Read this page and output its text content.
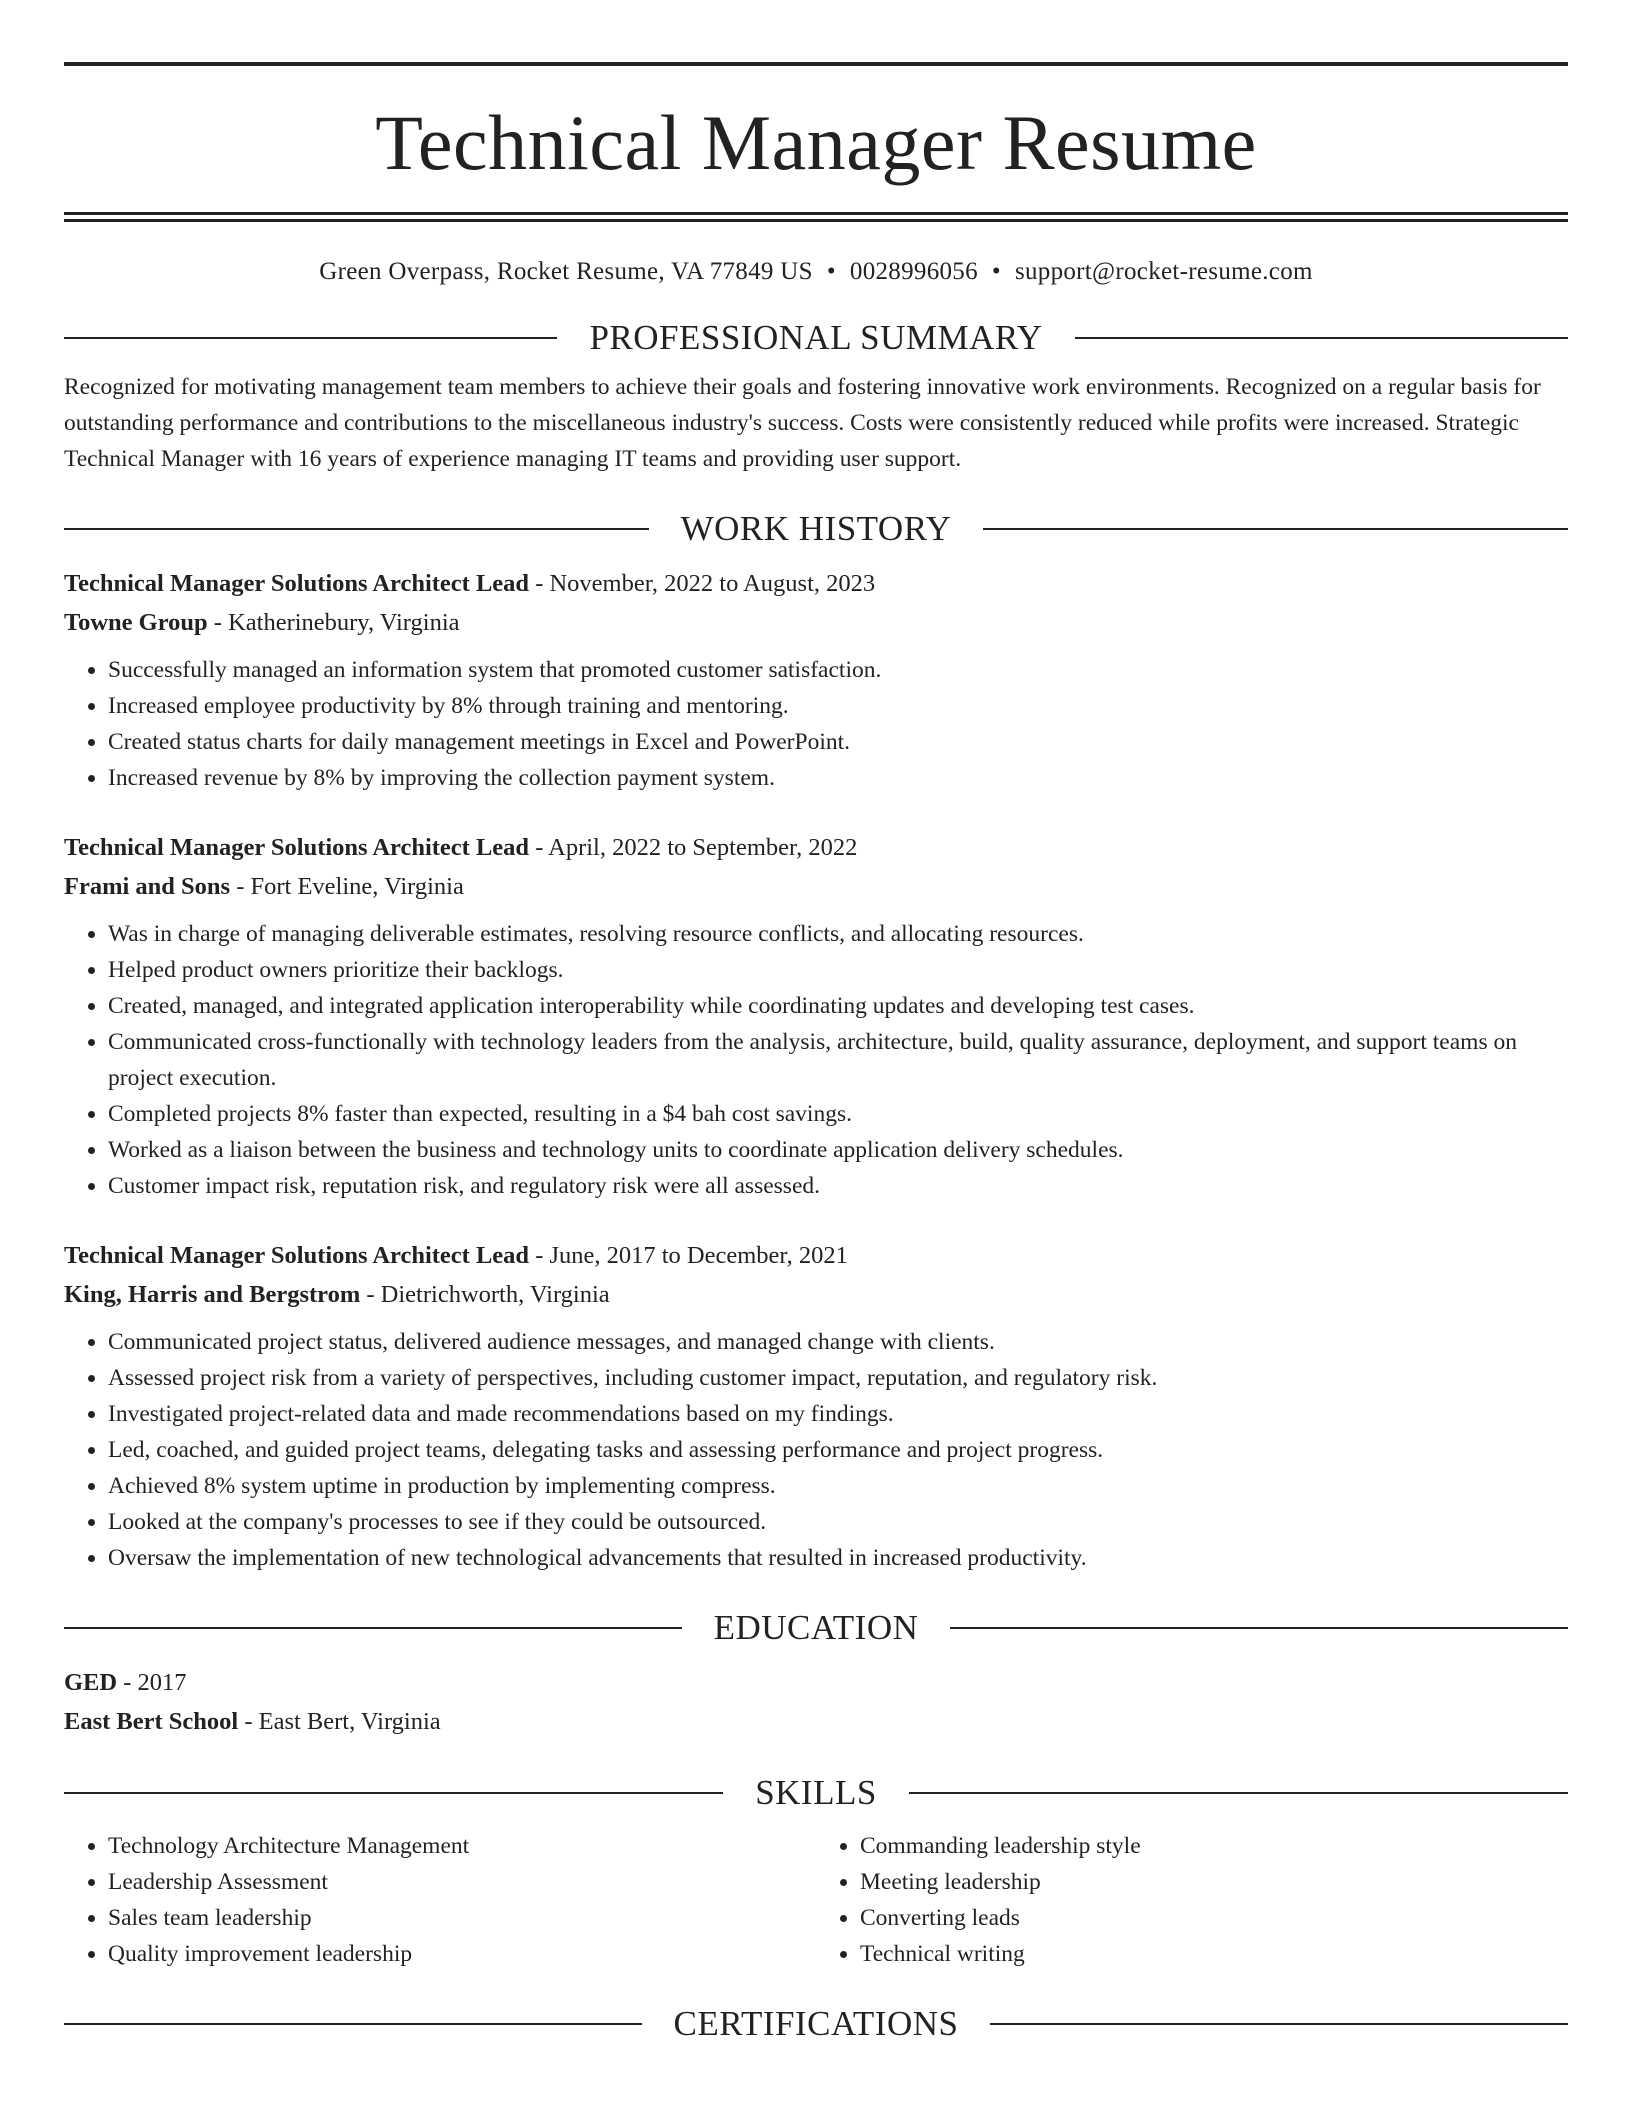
Technical Manager Resume
Green Overpass, Rocket Resume, VA 77849 US • 0028996056 • support@rocket-resume.com
PROFESSIONAL SUMMARY
Recognized for motivating management team members to achieve their goals and fostering innovative work environments. Recognized on a regular basis for outstanding performance and contributions to the miscellaneous industry's success. Costs were consistently reduced while profits were increased. Strategic Technical Manager with 16 years of experience managing IT teams and providing user support.
WORK HISTORY
Technical Manager Solutions Architect Lead - November, 2022 to August, 2023
Towne Group - Katherinebury, Virginia
• Successfully managed an information system that promoted customer satisfaction.
• Increased employee productivity by 8% through training and mentoring.
• Created status charts for daily management meetings in Excel and PowerPoint.
• Increased revenue by 8% by improving the collection payment system.
Technical Manager Solutions Architect Lead - April, 2022 to September, 2022
Frami and Sons - Fort Eveline, Virginia
• Was in charge of managing deliverable estimates, resolving resource conflicts, and allocating resources.
• Helped product owners prioritize their backlogs.
• Created, managed, and integrated application interoperability while coordinating updates and developing test cases.
• Communicated cross-functionally with technology leaders from the analysis, architecture, build, quality assurance, deployment, and support teams on project execution.
• Completed projects 8% faster than expected, resulting in a $4 bah cost savings.
• Worked as a liaison between the business and technology units to coordinate application delivery schedules.
• Customer impact risk, reputation risk, and regulatory risk were all assessed.
Technical Manager Solutions Architect Lead - June, 2017 to December, 2021
King, Harris and Bergstrom - Dietrichworth, Virginia
• Communicated project status, delivered audience messages, and managed change with clients.
• Assessed project risk from a variety of perspectives, including customer impact, reputation, and regulatory risk.
• Investigated project-related data and made recommendations based on my findings.
• Led, coached, and guided project teams, delegating tasks and assessing performance and project progress.
• Achieved 8% system uptime in production by implementing compress.
• Looked at the company's processes to see if they could be outsourced.
• Oversaw the implementation of new technological advancements that resulted in increased productivity.
EDUCATION
GED - 2017
East Bert School - East Bert, Virginia
SKILLS
• Technology Architecture Management
• Leadership Assessment
• Sales team leadership
• Quality improvement leadership
• Commanding leadership style
• Meeting leadership
• Converting leads
• Technical writing
CERTIFICATIONS
